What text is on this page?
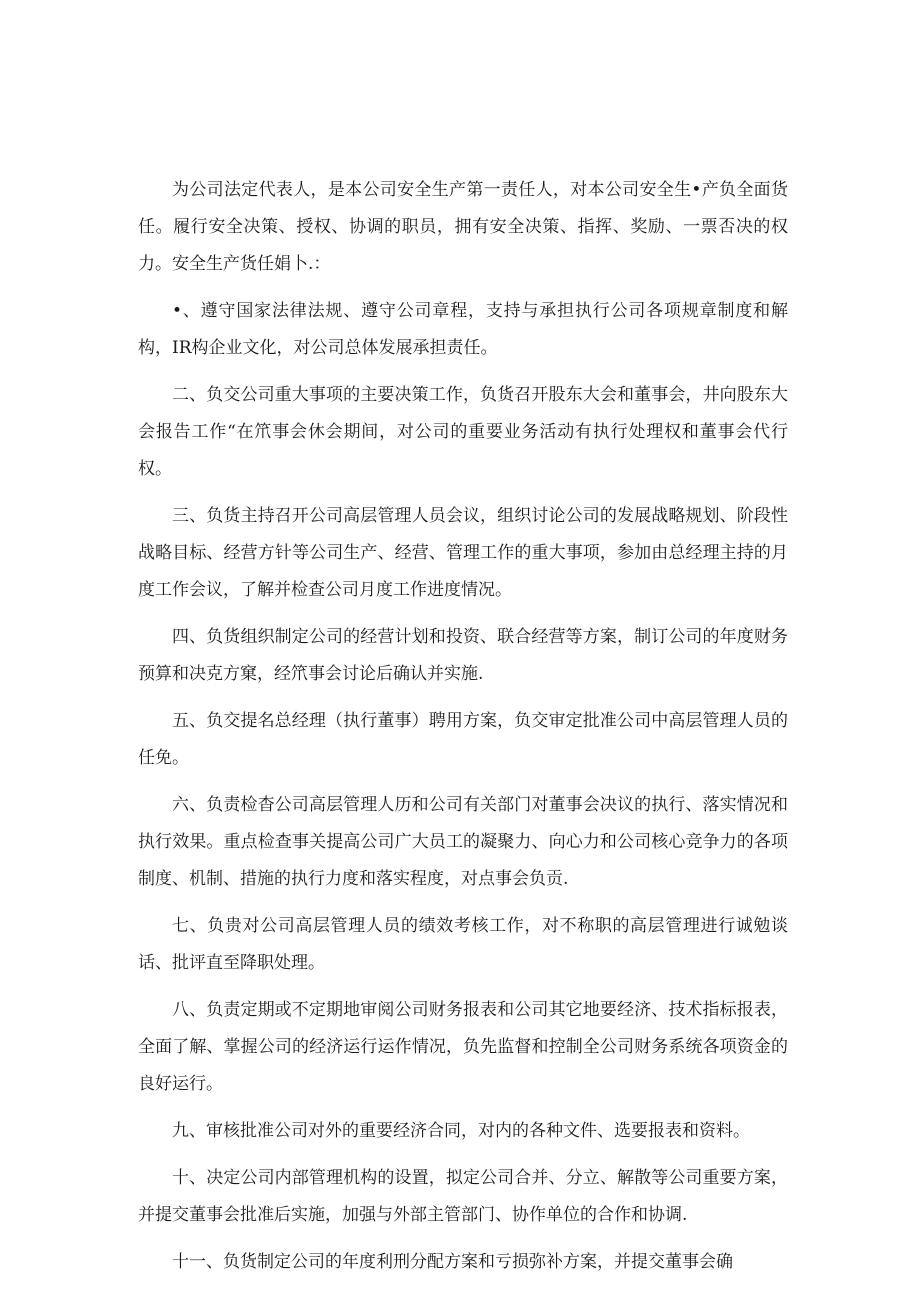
为公司法定代表人，是本公司安全生产第一责任人，对本公司安全生•产负全面货任。履行安全决策、授权、协调的职员，拥有安全决策、指挥、奖励、一票否决的权力。安全生产货任娟卜.：

•、遵守国家法律法规、遵守公司章程，支持与承担执行公司各项规章制度和解构，IR构企业文化，对公司总体发展承担责任。

二、负交公司重大事项的主要决策工作，负货召开股东大会和董事会，井向股东大会报告工作“在笊事会休会期间，对公司的重要业务活动有执行处理权和董事会代行权。

三、负货主持召开公司高层管理人员会议，组织讨论公司的发展战略规划、阶段性战略目标、经营方针等公司生产、经营、管理工作的重大事项，参加由总经理主持的月度工作会议，了解并检查公司月度工作进度情况。

四、负货组织制定公司的经营计划和投资、联合经营等方案，制订公司的年度财务预算和决克方窠，经笊事会讨论后确认并实施.

五、负交提名总经理（执行董事）聘用方案，负交审定批准公司中高层管理人员的任免。

六、负责检杳公司高层管理人历和公司有关部门对董事会决议的执行、落实情况和执行效果。重点检查事关提高公司广大员工的凝聚力、向心力和公司核心竞争力的各项制度、机制、措施的执行力度和落实程度，对点事会负贡.

七、负贵对公司高层管理人员的绩效考核工作，对不称职的高层管理进行诚勉谈话、批评直至降职处理。

八、负责定期或不定期地审阅公司财务报表和公司其它地要经济、技术指标报表，全面了解、掌握公司的经济运行运作情况，负先监督和控制全公司财务系统各项资金的良好运行。

九、审核批准公司对外的重要经济合同，对内的各种文件、选要报表和资料。

十、决定公司内部管理机构的设置，拟定公司合并、分立、解散等公司重要方案，并提交董事会批准后实施，加强与外部主管部门、协作单位的合作和协调.

十一、负货制定公司的年度利刑分配方案和亏损弥补方案，并提交董事会确
